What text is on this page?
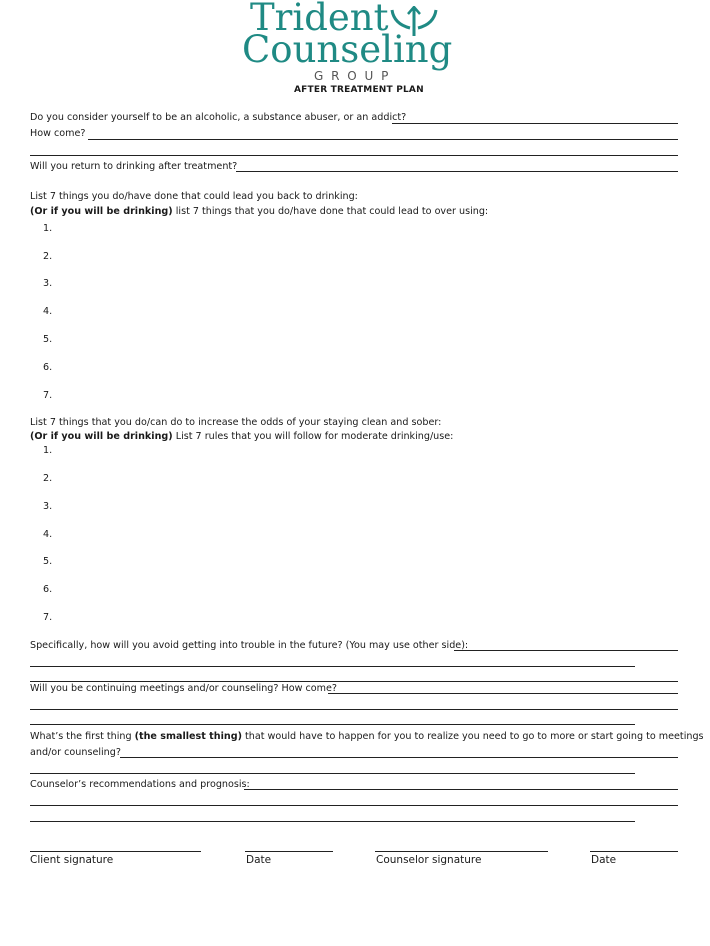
Trident
Counseling
G R O U P
AFTER TREATMENT PLAN
Do you consider yourself to be an alcoholic, a substance abuser, or an addict?
How come?
Will you return to drinking after treatment?
List 7 things you do/have done that could lead you back to drinking:
(Or if you will be drinking) list 7 things that you do/have done that could lead to over using:
1.
2.
3.
4.
5.
6.
7.
List 7 things that you do/can do to increase the odds of your staying clean and sober:
(Or if you will be drinking) List 7 rules that you will follow for moderate drinking/use:
1.
2.
3.
4.
5.
6.
7.
Specifically, how will you avoid getting into trouble in the future? (You may use other side):
Will you be continuing meetings and/or counseling? How come?
What’s the first thing (the smallest thing) that would have to happen for you to realize you need to go to more or start going to meetings
and/or counseling?
Counselor’s recommendations and prognosis:
Client signature	Date	Counselor signature	Date
